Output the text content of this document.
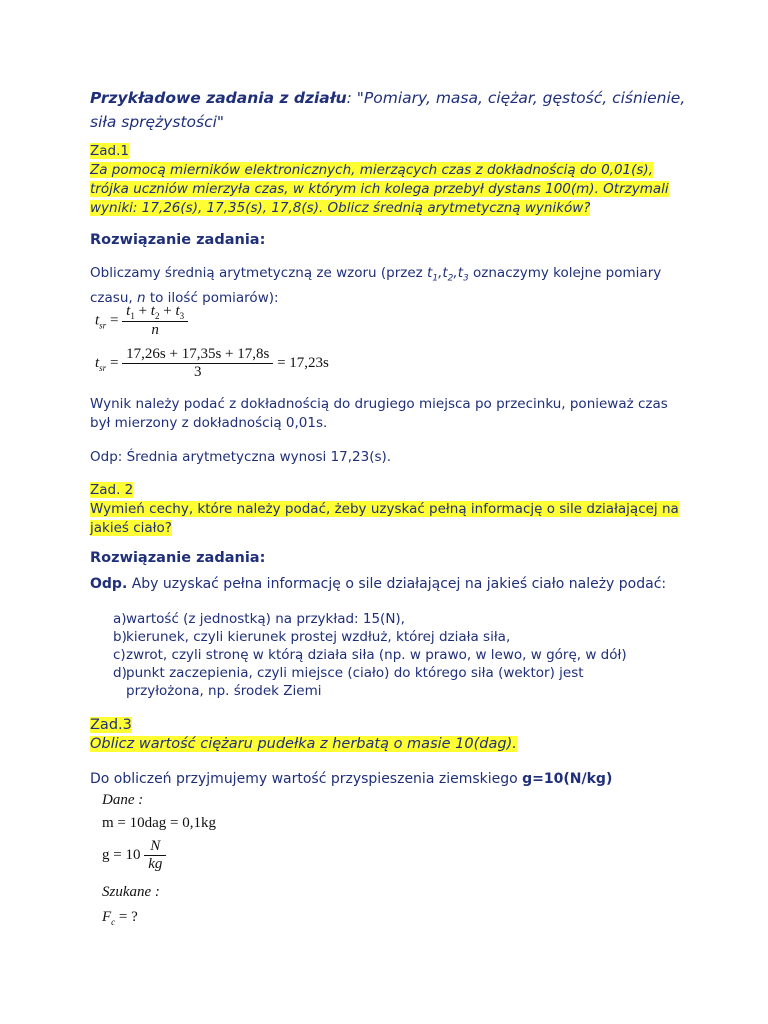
Przykładowe zadania z działu: "Pomiary, masa, ciężar, gęstość, ciśnienie, siła sprężystości"
Zad.1
Za pomocą mierników elektronicznych, mierzących czas z dokładnością do 0,01(s), trójka uczniów mierzyła czas, w którym ich kolega przebył dystans 100(m). Otrzymali wyniki: 17,26(s), 17,35(s), 17,8(s). Oblicz średnią arytmetyczną wyników?
Rozwiązanie zadania:
Obliczamy średnią arytmetyczną ze wzoru (przez $t_1,t_2,t_3$ oznaczymy kolejne pomiary czasu, n to ilość pomiarów):
$t_{sr} = \frac{t_1 + t_2 + t_3}{n}$
$t_{sr} = \frac{17,26s + 17,35s + 17,8s}{3} = 17,23s$
Wynik należy podać z dokładnością do drugiego miejsca po przecinku, ponieważ czas był mierzony z dokładnością 0,01s.
Odp: Średnia arytmetyczna wynosi 17,23(s).
Zad. 2
Wymień cechy, które należy podać, żeby uzyskać pełną informację o sile działającej na jakieś ciało?
Rozwiązanie zadania:
Odp. Aby uzyskać pełna informację o sile działającej na jakieś ciało należy podać:
a) wartość (z jednostką) na przykład: 15(N),
b) kierunek, czyli kierunek prostej wzdłuż, której działa siła,
c) zwrot, czyli stronę w którą działa siła (np. w prawo, w lewo, w górę, w dół)
d) punkt zaczepienia, czyli miejsce (ciało) do którego siła (wektor) jest przyłożona, np. środek Ziemi
Zad.3
Oblicz wartość ciężaru pudełka z herbatą o masie 10(dag).
Do obliczeń przyjmujemy wartość przyspieszenia ziemskiego g=10(N/kg)
Dane :
m = 10dag = 0,1kg
$g = 10 \frac{N}{kg}$
Szukane :
$F_c$ = ?
